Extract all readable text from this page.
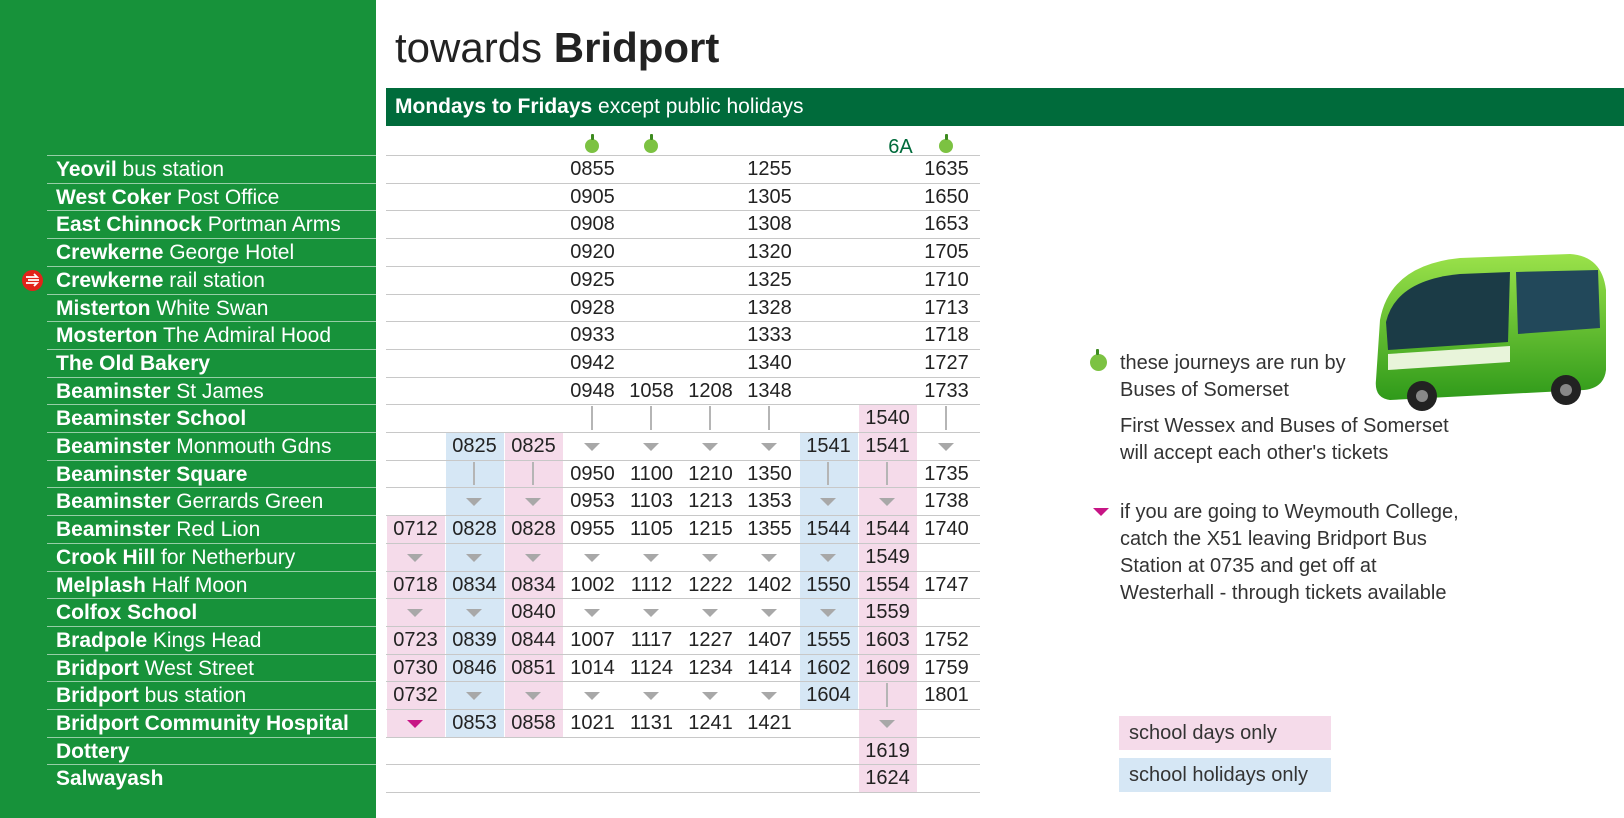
Yeovil bus station
West Coker Post Office
East Chinnock Portman Arms
Crewkerne George Hotel
Crewkerne rail station
Misterton White Swan
Mosterton The Admiral Hood
The Old Bakery
Beaminster St James
Beaminster School
Beaminster Monmouth Gdns
Beaminster Square
Beaminster Gerrards Green
Beaminster Red Lion
Crook Hill for Netherbury
Melplash Half Moon
Colfox School
Bradpole Kings Head
Bridport West Street
Bridport bus station
Bridport Community Hospital
Dottery
Salwayash
towards Bridport
Mondays to Fridays except public holidays
0712
0718
0723
0730
0732
0825
0828
0834
0839
0846
0853
0825
0828
0834
0840
0844
0851
0858
0855
0905
0908
0920
0925
0928
0933
0942
0948
0950
0953
0955
1002
1007
1014
1021
1058
1100
1103
1105
1112
1117
1124
1131
1208
1210
1213
1215
1222
1227
1234
1241
1255
1305
1308
1320
1325
1328
1333
1340
1348
1350
1353
1355
1402
1407
1414
1421
1541
1544
1550
1555
1602
1604
1540
1541
1544
1549
1554
1559
1603
1609
1619
1624
1635
1650
1653
1705
1710
1713
1718
1727
1733
1735
1738
1740
1747
1752
1759
1801
6A
these journeys are run by
Buses of Somerset
First Wessex and Buses of Somerset
will accept each other's tickets
if you are going to Weymouth College,
catch the X51 leaving Bridport Bus
Station at 0735 and get off at
Westerhall - through tickets available
school days only
school holidays only
